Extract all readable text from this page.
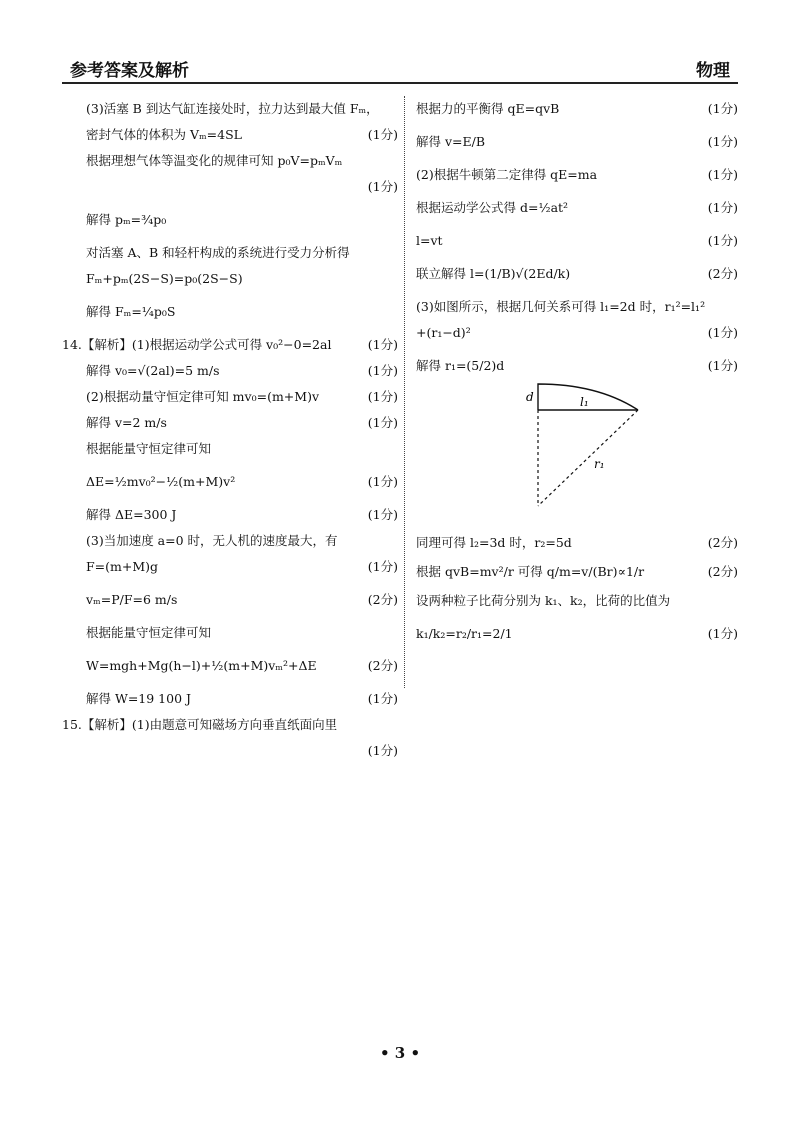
参考答案及解析	物理
(3)活塞 B 到达气缸连接处时，拉力达到最大值 Fₘ，
密封气体的体积为 Vₘ=4SL	(1分)
根据理想气体等温变化的规律可知 p₀V=pₘVₘ
(1分)
解得 pₘ=¾p₀
对活塞 A、B 和轻杆构成的系统进行受力分析得
Fₘ+pₘ(2S−S)=p₀(2S−S)
解得 Fₘ=¼p₀S
14.【解析】(1)根据运动学公式可得 v₀²−0=2al	(1分)
解得 v₀=√(2al)=5 m/s	(1分)
(2)根据动量守恒定律可知 mv₀=(m+M)v	(1分)
解得 v=2 m/s	(1分)
根据能量守恒定律可知
ΔE=½mv₀²−½(m+M)v²	(1分)
解得 ΔE=300 J	(1分)
(3)当加速度 a=0 时，无人机的速度最大，有
F=(m+M)g	(1分)
vₘ=P/F=6 m/s	(2分)
根据能量守恒定律可知
W=mgh+Mg(h−l)+½(m+M)vₘ²+ΔE	(2分)
解得 W=19 100 J	(1分)
15.【解析】(1)由题意可知磁场方向垂直纸面向里
(1分)
根据力的平衡得 qE=qvB	(1分)
解得 v=E/B	(1分)
(2)根据牛顿第二定律得 qE=ma	(1分)
根据运动学公式得 d=½at²	(1分)
l=vt	(1分)
联立解得 l=(1/B)√(2Ed/k)	(2分)
(3)如图所示，根据几何关系可得 l₁=2d 时，r₁²=l₁²
+(r₁−d)²	(1分)
解得 r₁=(5/2)d	(1分)
d	l₁
r₁
同理可得 l₂=3d 时，r₂=5d	(2分)
根据 qvB=mv²/r 可得 q/m=v/(Br)∝1/r	(2分)
设两种粒子比荷分别为 k₁、k₂，比荷的比值为
k₁/k₂=r₂/r₁=2/1	(1分)
• 3 •
